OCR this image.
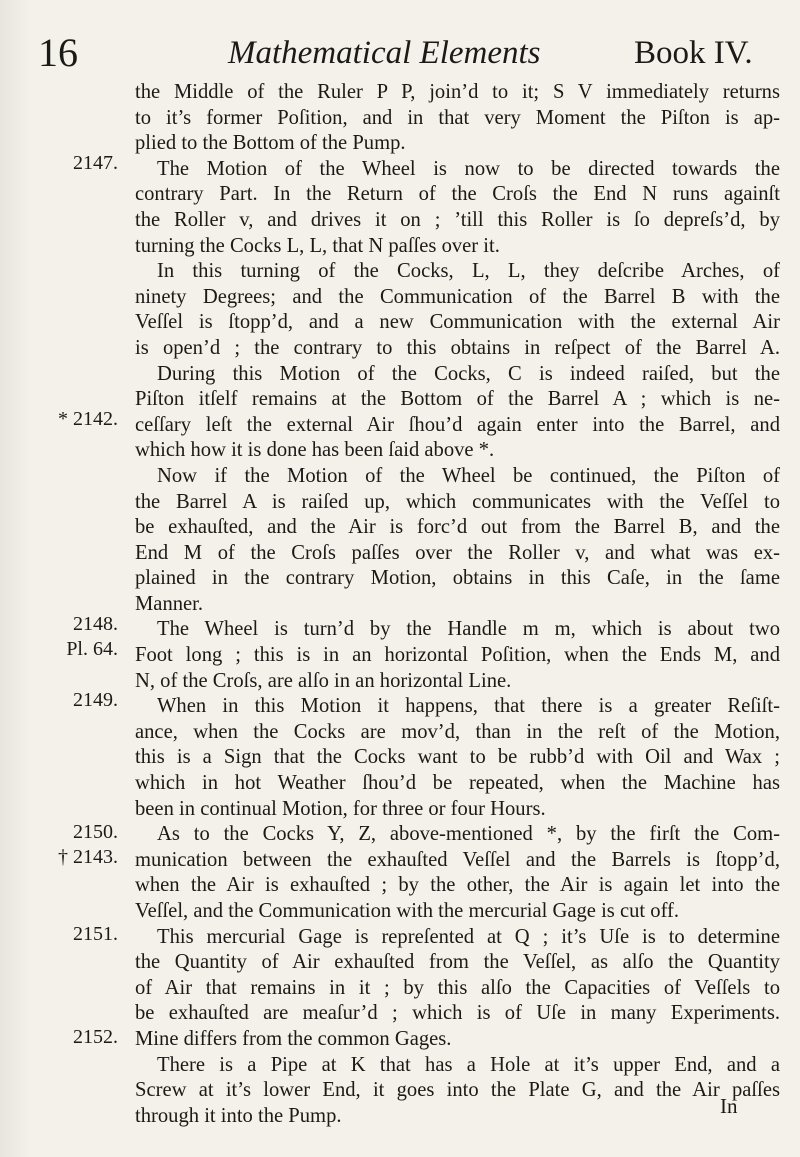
16	Mathematical Elements	Book IV.
2147.
* 2142.
2148.
Pl. 64.
2149.
2150.
† 2143.
2151.
2152.
the Middle of the Ruler P P, join’d to it; S V immediately returns
to it’s former Poſition, and in that very Moment the Piſton is ap-
plied to the Bottom of the Pump.
The Motion of the Wheel is now to be directed towards the
contrary Part. In the Return of the Croſs the End N runs againſt
the Roller v, and drives it on ; ’till this Roller is ſo depreſs’d, by
turning the Cocks L, L, that N paſſes over it.
In this turning of the Cocks, L, L, they deſcribe Arches, of
ninety Degrees; and the Communication of the Barrel B with the
Veſſel is ſtopp’d, and a new Communication with the external Air
is open’d ; the contrary to this obtains in reſpect of the Barrel A.
During this Motion of the Cocks, C is indeed raiſed, but the
Piſton itſelf remains at the Bottom of the Barrel A ; which is ne-
ceſſary leſt the external Air ſhou’d again enter into the Barrel, and
which how it is done has been ſaid above *.
Now if the Motion of the Wheel be continued, the Piſton of
the Barrel A is raiſed up, which communicates with the Veſſel to
be exhauſted, and the Air is forc’d out from the Barrel B, and the
End M of the Croſs paſſes over the Roller v, and what was ex-
plained in the contrary Motion, obtains in this Caſe, in the ſame
Manner.
The Wheel is turn’d by the Handle m m, which is about two
Foot long ; this is in an horizontal Poſition, when the Ends M, and
N, of the Croſs, are alſo in an horizontal Line.
When in this Motion it happens, that there is a greater Reſiſt-
ance, when the Cocks are mov’d, than in the reſt of the Motion,
this is a Sign that the Cocks want to be rubb’d with Oil and Wax ;
which in hot Weather ſhou’d be repeated, when the Machine has
been in continual Motion, for three or four Hours.
As to the Cocks Y, Z, above-mentioned *, by the firſt the Com-
munication between the exhauſted Veſſel and the Barrels is ſtopp’d,
when the Air is exhauſted ; by the other, the Air is again let into the
Veſſel, and the Communication with the mercurial Gage is cut off.
This mercurial Gage is repreſented at Q ; it’s Uſe is to determine
the Quantity of Air exhauſted from the Veſſel, as alſo the Quantity
of Air that remains in it ; by this alſo the Capacities of Veſſels to
be exhauſted are meaſur’d ; which is of Uſe in many Experiments.
Mine differs from the common Gages.
There is a Pipe at K that has a Hole at it’s upper End, and a
Screw at it’s lower End, it goes into the Plate G, and the Air paſſes
through it into the Pump.	In
